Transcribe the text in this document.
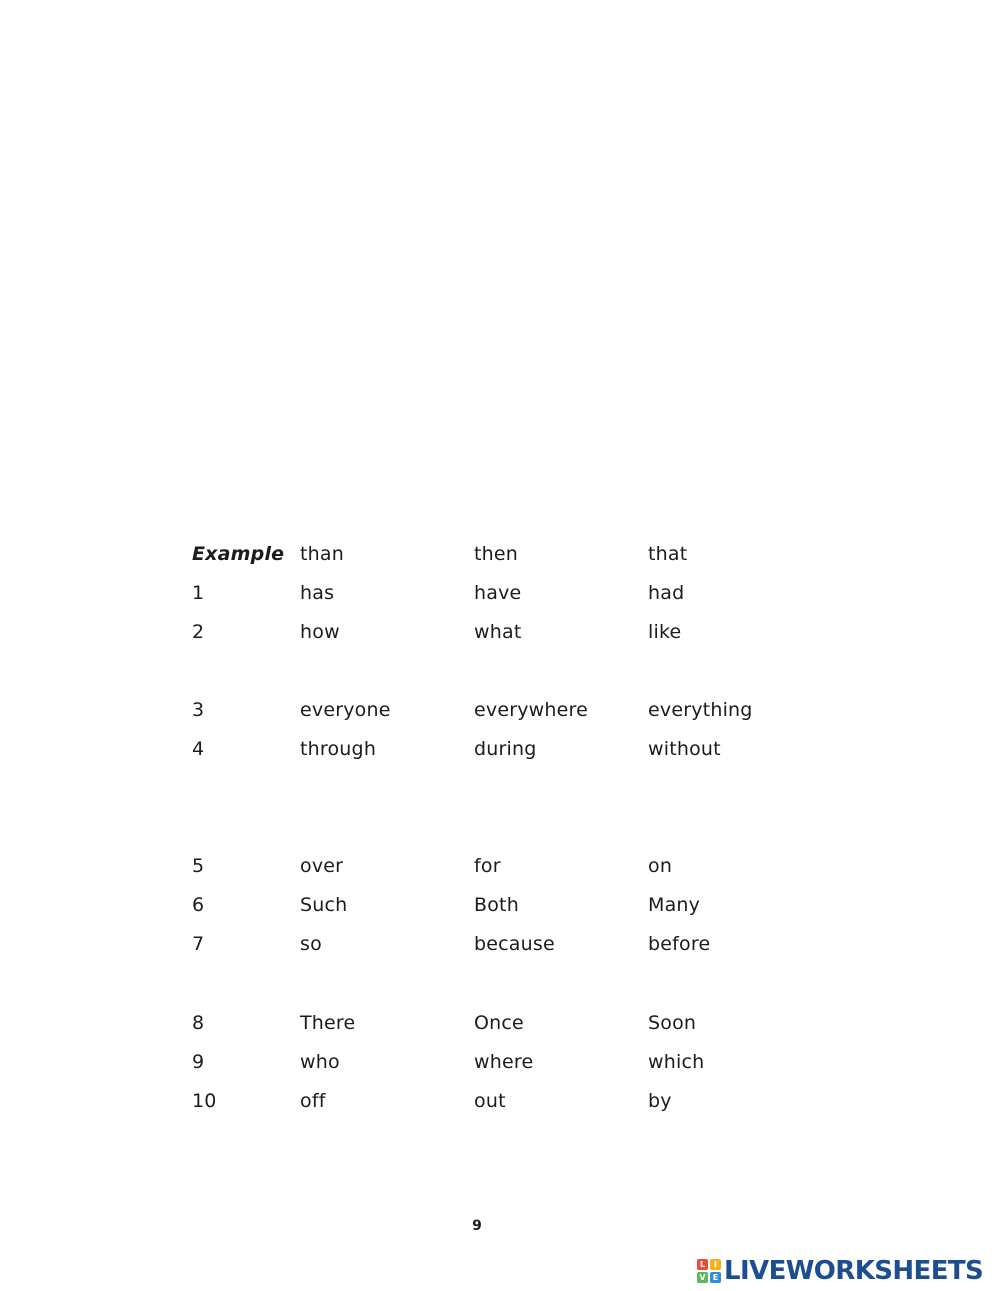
Example than	then	that
1	has	have	had
2	how	what	like
3	everyone	everywhere	everything
4	through	during	without
5	over	for	on
6	Such	Both	Many
7	so	because	before
8	There	Once	Soon
9	who	where	which
10	off	out	by
9
L	I
V E LIVEWORKSHEETS
